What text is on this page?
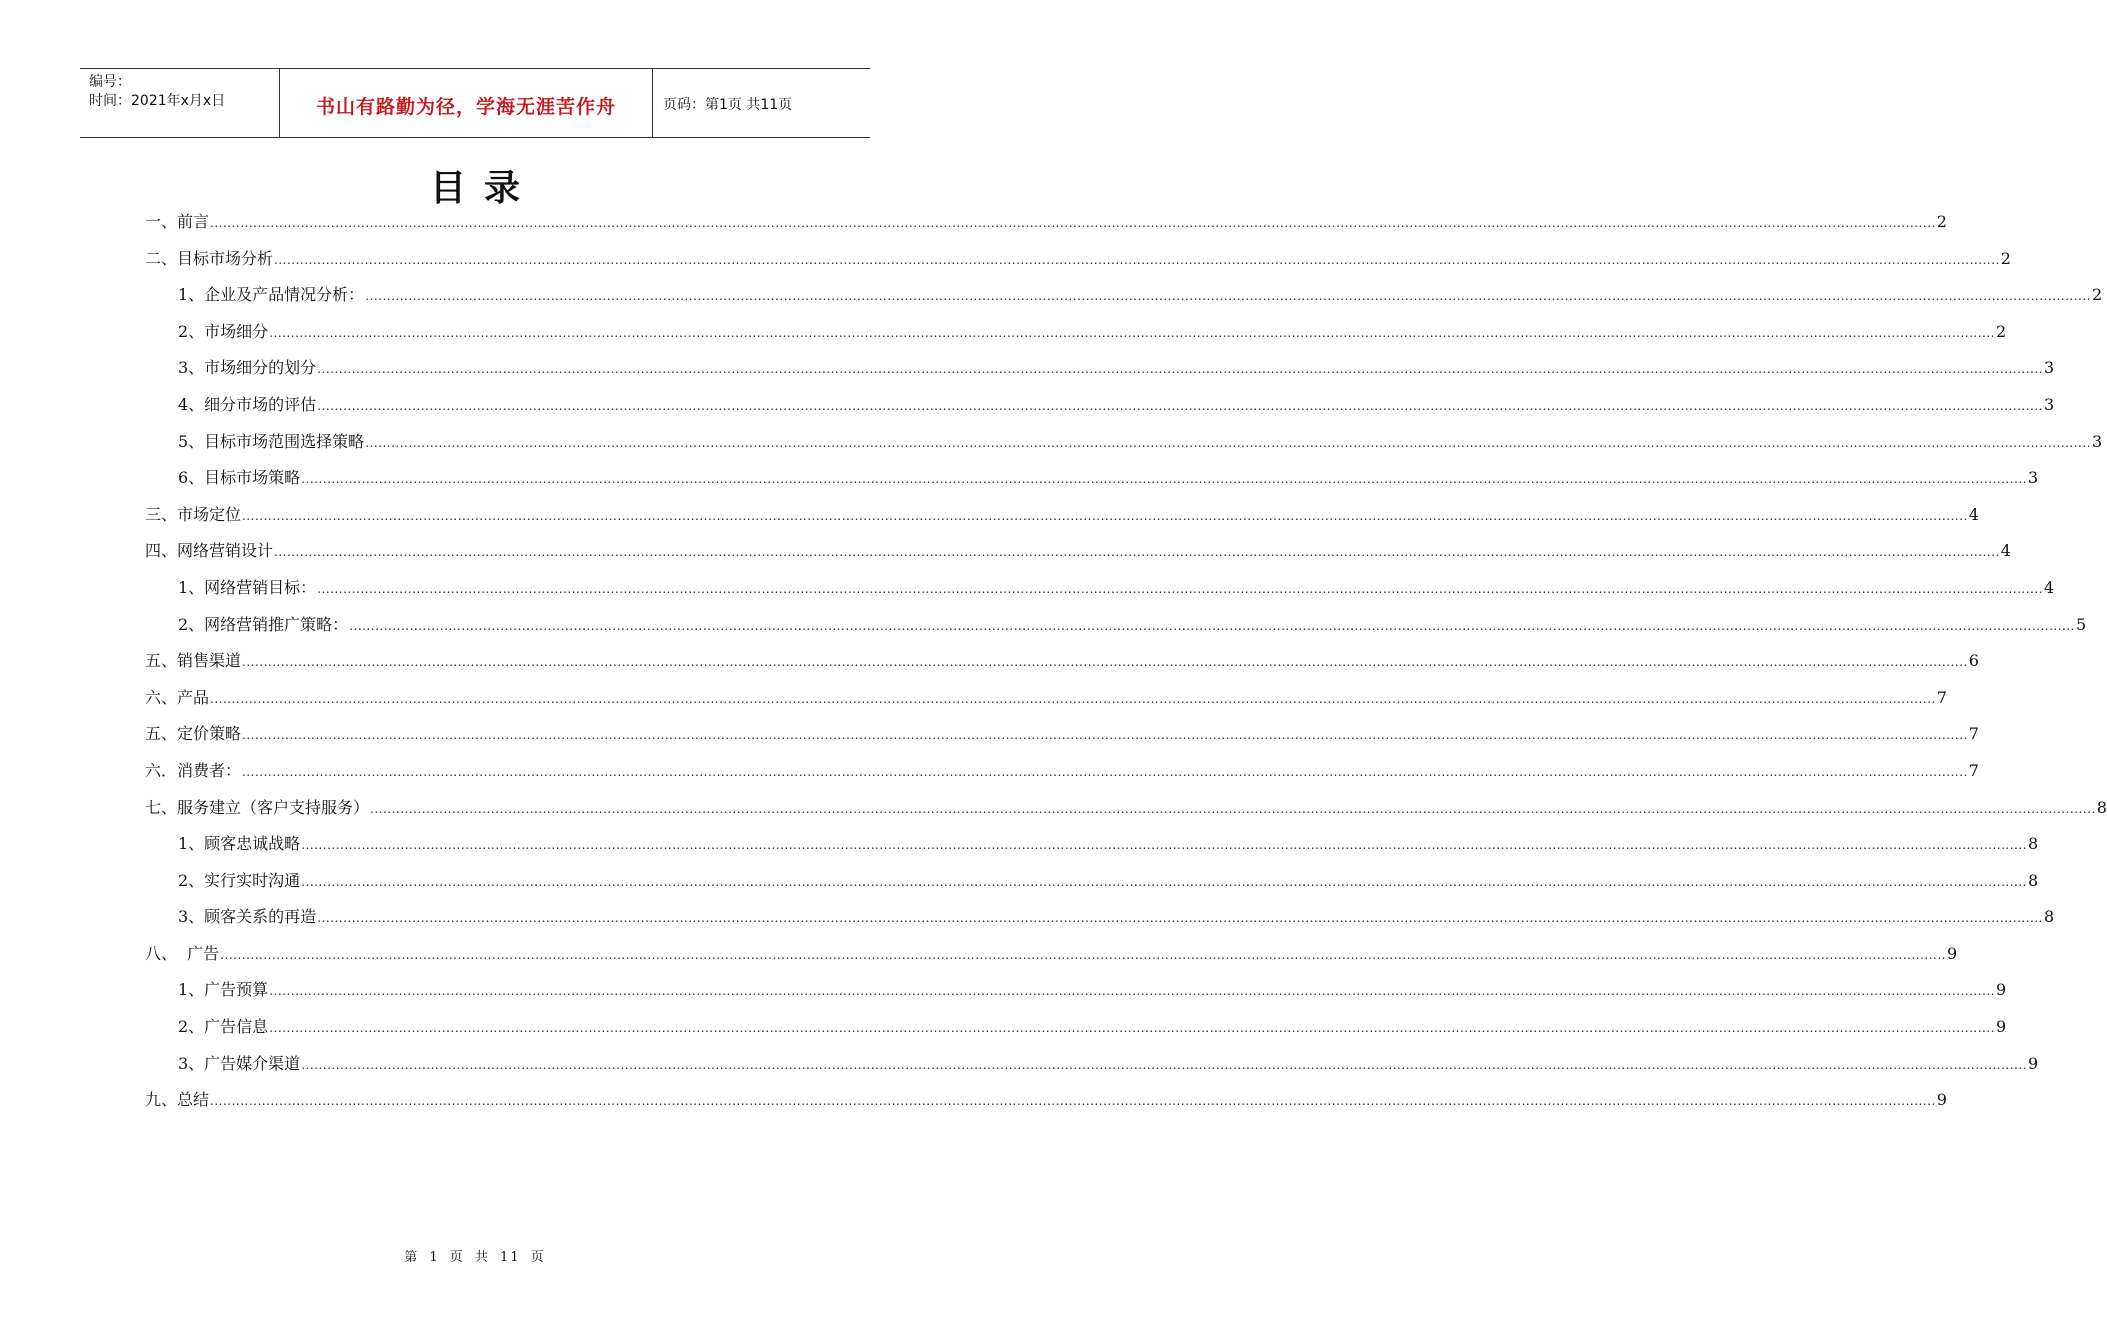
编号：
时间：2021年x月x日	书山有路勤为径，学海无涯苦作舟	页码：第1页 共11页
目录
一、前言 ................................................................................................................................................................................................................................................................................................................................................................................................................ 2
二、目标市场分析 ................................................................................................................................................................................................................................................................................................................................................................................................................ 2
1、企业及产品情况分析： ................................................................................................................................................................................................................................................................................................................................................................................................................ 2
2、市场细分 ................................................................................................................................................................................................................................................................................................................................................................................................................ 2
3、市场细分的划分 ................................................................................................................................................................................................................................................................................................................................................................................................................ 3
4、细分市场的评估 ................................................................................................................................................................................................................................................................................................................................................................................................................ 3
5、目标市场范围选择策略 ................................................................................................................................................................................................................................................................................................................................................................................................................ 3
6、目标市场策略 ................................................................................................................................................................................................................................................................................................................................................................................................................ 3
三、市场定位 ................................................................................................................................................................................................................................................................................................................................................................................................................ 4
四、网络营销设计 ................................................................................................................................................................................................................................................................................................................................................................................................................ 4
1、网络营销目标： ................................................................................................................................................................................................................................................................................................................................................................................................................ 4
2、网络营销推广策略： ................................................................................................................................................................................................................................................................................................................................................................................................................ 5
五、销售渠道 ................................................................................................................................................................................................................................................................................................................................................................................................................ 6
六、产品 ................................................................................................................................................................................................................................................................................................................................................................................................................ 7
五、定价策略 ................................................................................................................................................................................................................................................................................................................................................................................................................ 7
六．消费者： ................................................................................................................................................................................................................................................................................................................................................................................................................ 7
七、服务建立（客户支持服务） ................................................................................................................................................................................................................................................................................................................................................................................................................ 8
1、顾客忠诚战略 ................................................................................................................................................................................................................................................................................................................................................................................................................ 8
2、实行实时沟通 ................................................................................................................................................................................................................................................................................................................................................................................................................ 8
3、顾客关系的再造 ................................................................................................................................................................................................................................................................................................................................................................................................................ 8
八、  广告 ................................................................................................................................................................................................................................................................................................................................................................................................................ 9
1、广告预算 ................................................................................................................................................................................................................................................................................................................................................................................................................ 9
2、广告信息 ................................................................................................................................................................................................................................................................................................................................................................................................................ 9
3、广告媒介渠道 ................................................................................................................................................................................................................................................................................................................................................................................................................ 9
九、总结 ................................................................................................................................................................................................................................................................................................................................................................................................................ 9
第 1 页 共 11 页
